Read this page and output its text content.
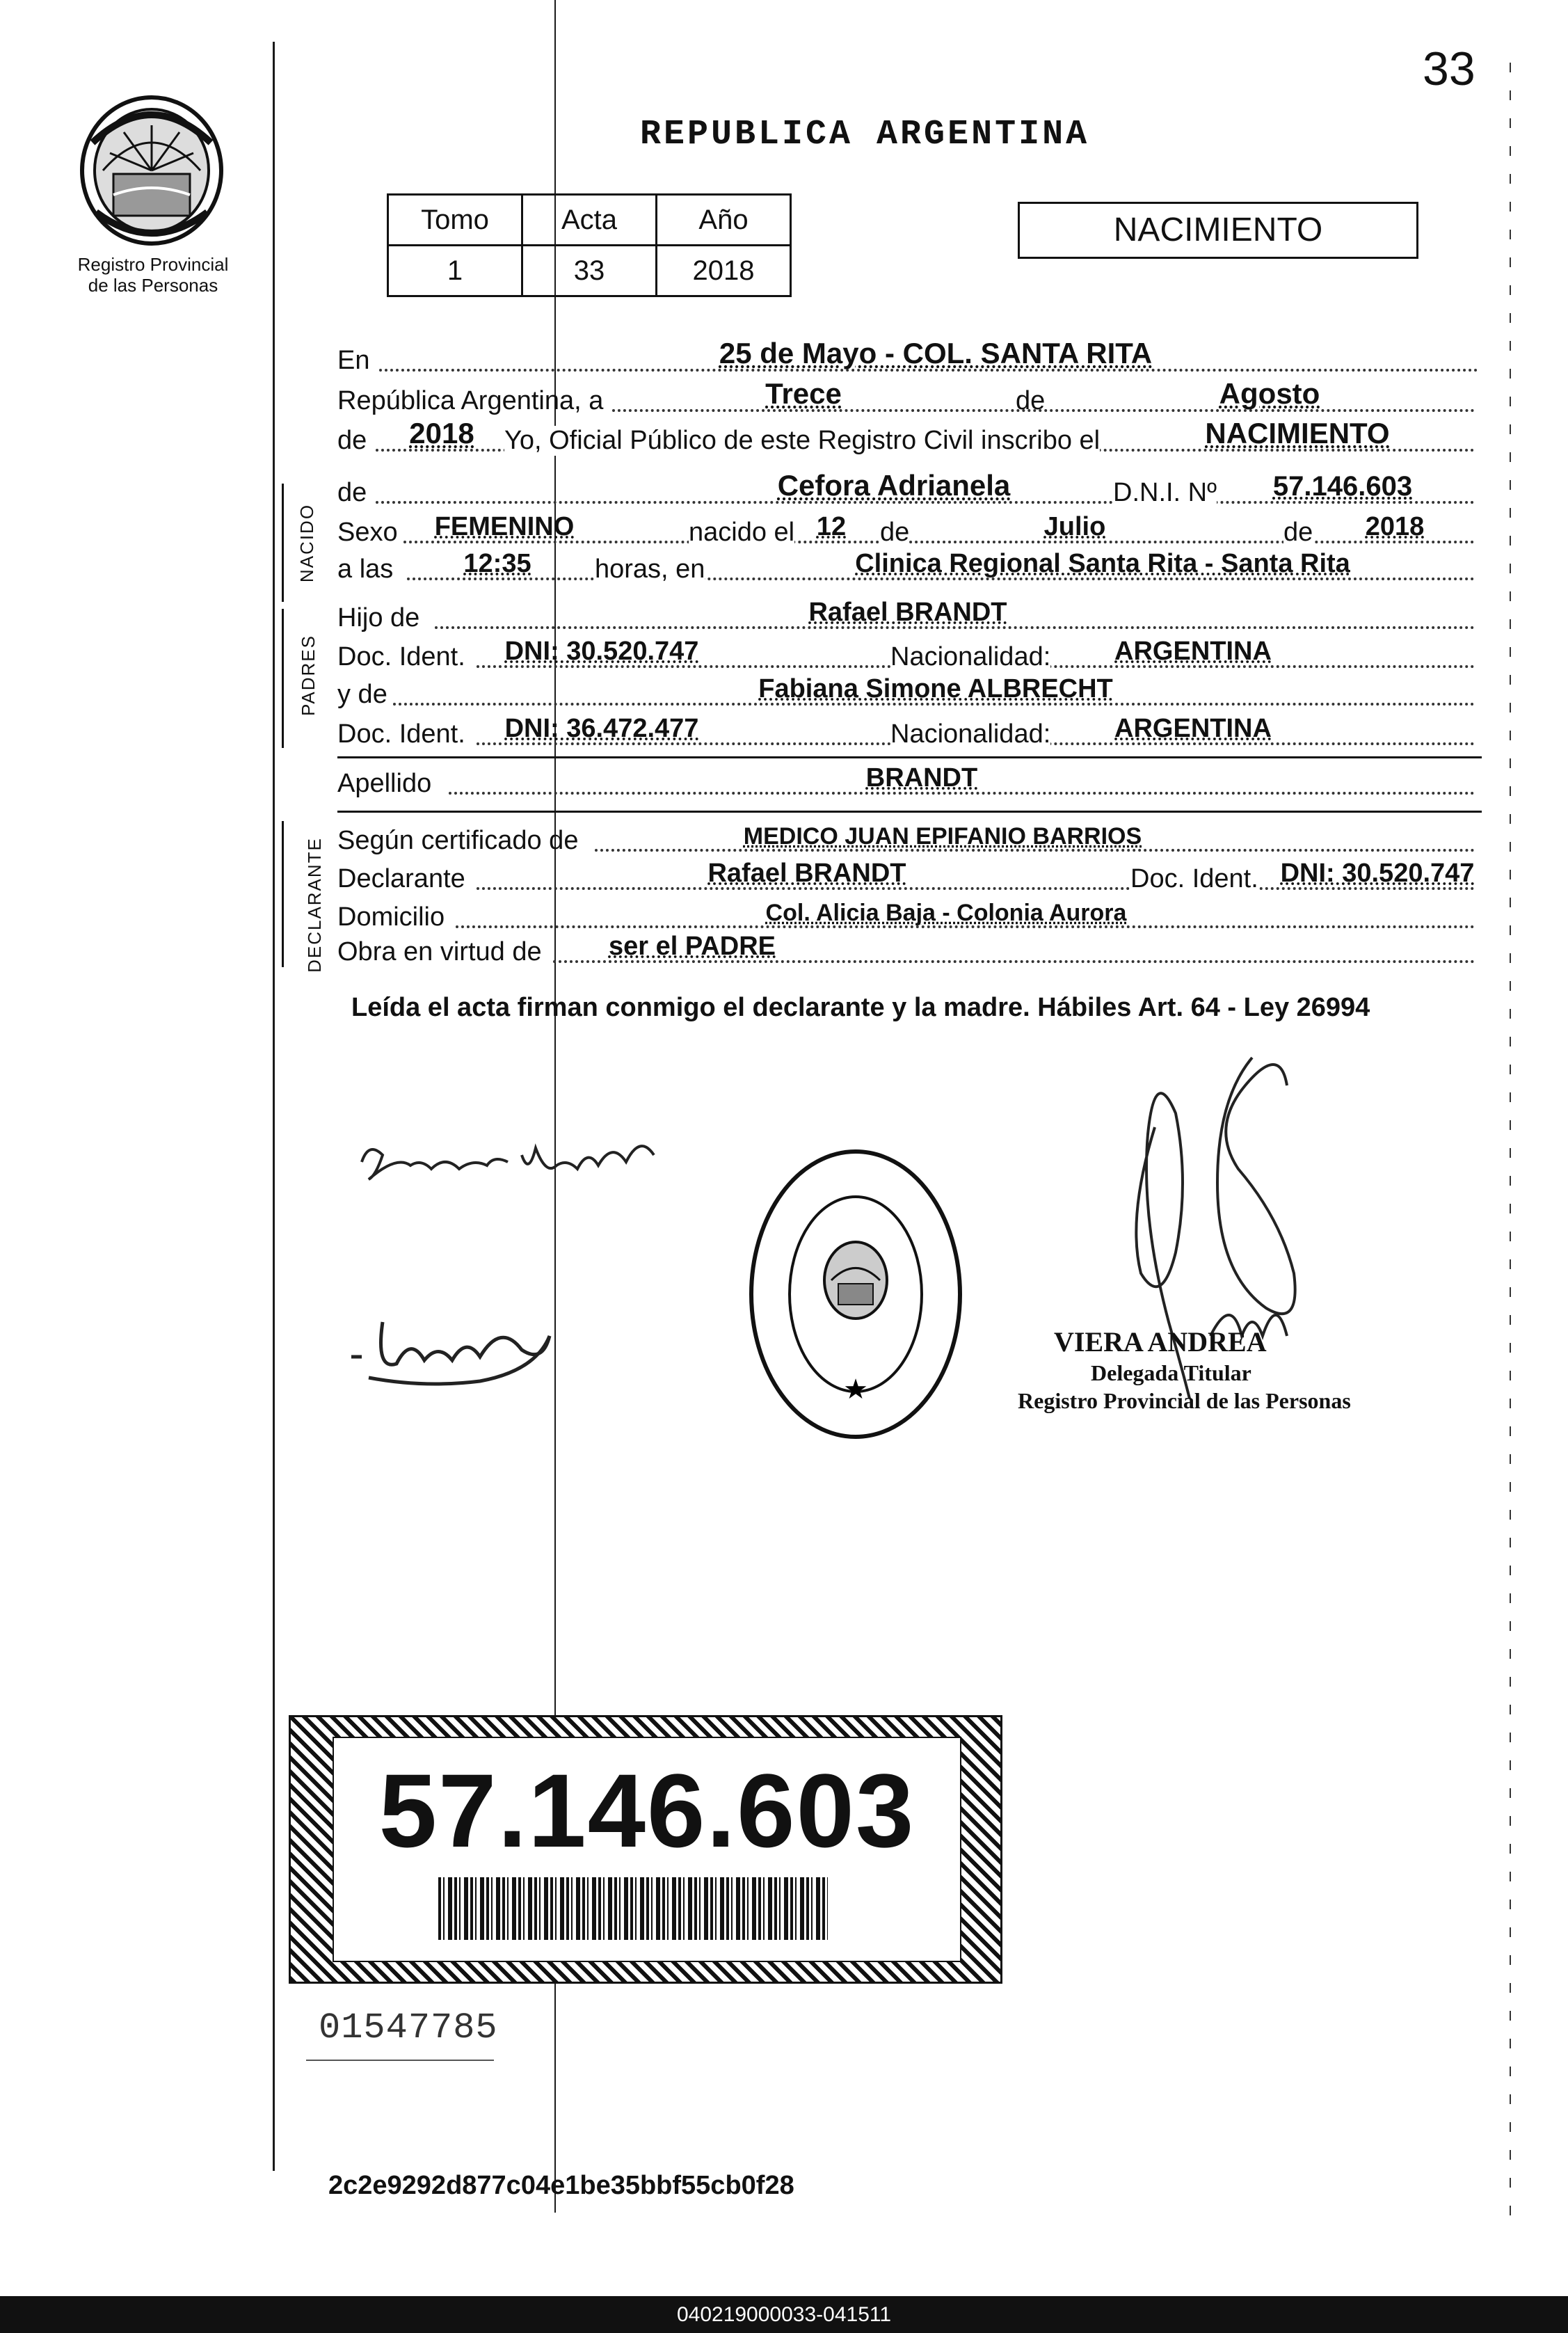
33
REPUBLICA ARGENTINA
Registro Provincial
de las Personas
Tomo	Acta	Año
1	33	2018
NACIMIENTO
En	25 de Mayo - COL. SANTA RITA
República Argentina, a	Trece	de	Agosto
de	2018	Yo, Oficial Público de este Registro Civil inscribo el	NACIMIENTO
NACIDO
de	Cefora Adrianela	D.N.I. Nº	57.146.603
Sexo	FEMENINO	nacido el 12 de	Julio	de	2018
a las	12:35	horas, en	Clinica Regional Santa Rita - Santa Rita
PADRES
Hijo de	Rafael BRANDT
Doc. Ident.	DNI: 30.520.747	Nacionalidad:	ARGENTINA
y de	Fabiana Simone ALBRECHT
Doc. Ident.	DNI: 36.472.477	Nacionalidad:	ARGENTINA
Apellido	BRANDT
DECLARANTE Según certificado de	MEDICO JUAN EPIFANIO BARRIOS
Declarante	Rafael BRANDT	Doc. Ident. DNI: 30.520.747
Domicilio	Col. Alicia Baja - Colonia Aurora
Obra en virtud de	ser el PADRE
Leída el acta firman conmigo el declarante y la madre. Hábiles Art. 64 - Ley 26994
★
VIERA ANDREA
Delegada Titular
Registro Provincial de las Personas
57.146.603
01547785
2c2e9292d877c04e1be35bbf55cb0f28
040219000033-041511
